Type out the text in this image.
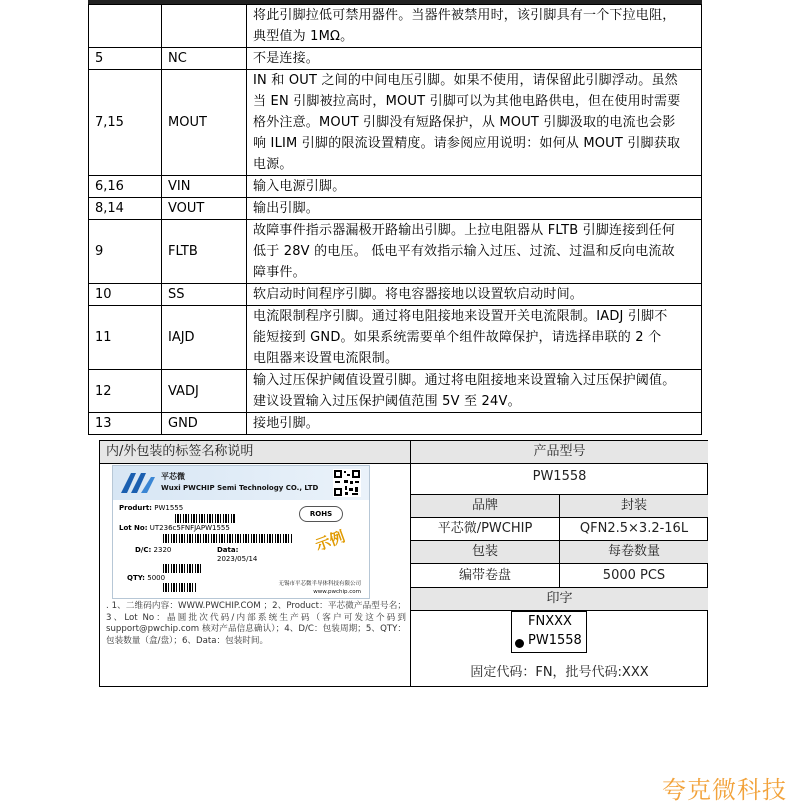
		将此引脚拉低可禁用器件。当器件被禁用时，该引脚具有一个下拉电阻，
典型值为 1MΩ。

5	NC	不是连接。

7,15	MOUT	IN 和 OUT 之间的中间电压引脚。如果不使用，请保留此引脚浮动。虽然
当 EN 引脚被拉高时，MOUT 引脚可以为其他电路供电，但在使用时需要
格外注意。MOUT 引脚没有短路保护，从 MOUT 引脚汲取的电流也会影
响 ILIM 引脚的限流设置精度。请参阅应用说明：如何从 MOUT 引脚获取
电源。

6,16	VIN	输入电源引脚。

8,14	VOUT	输出引脚。

9	FLTB	故障事件指示器漏极开路输出引脚。上拉电阻器从 FLTB 引脚连接到任何
低于 28V 的电压。 低电平有效指示输入过压、过流、过温和反向电流故
障事件。

10	SS	软启动时间程序引脚。将电容器接地以设置软启动时间。

11	IAJD	电流限制程序引脚。通过将电阻接地来设置开关电流限制。IADJ 引脚不
能短接到 GND。如果系统需要单个组件故障保护，请选择串联的 2 个
电阻器来设置电流限制。

12	VADJ	输入过压保护阈值设置引脚。通过将电阻接地来设置输入过压保护阈值。
建议设置输入过压保护阈值范围 5V 至 24V。

13	GND	接地引脚。
内/外包装的标签名称说明
平芯微
Wuxi PWCHIP Semi Technology CO., LTD
Produrt: PW1555
Lot No: UT236c5FNFJAPW1555
D/C: 2320	Data:
2023/05/14
QTY: 5000
ROHS
示例
无锡市平芯微半导体科技有限公司
www.pwchip.com
. 1、二维码内容：WWW.PWCHIP.COM ；2、Product：平芯微产品型号名；3、Lot No：晶圆批次代码/内部系统生产码（客户可发这个码到support@pwchip.com 核对产品信息确认）；4、D/C：包装周期；5、QTY：包装数量（盒/盘）；6、Data：包装时间。
产品型号
PW1558
品牌	封装
平芯微/PWCHIP	QFN2.5×3.2-16L
包装	每卷数量
编带卷盘	5000 PCS
印字
FNXXX
PW1558
固定代码：FN，批号代码:XXX
夸克微科技
